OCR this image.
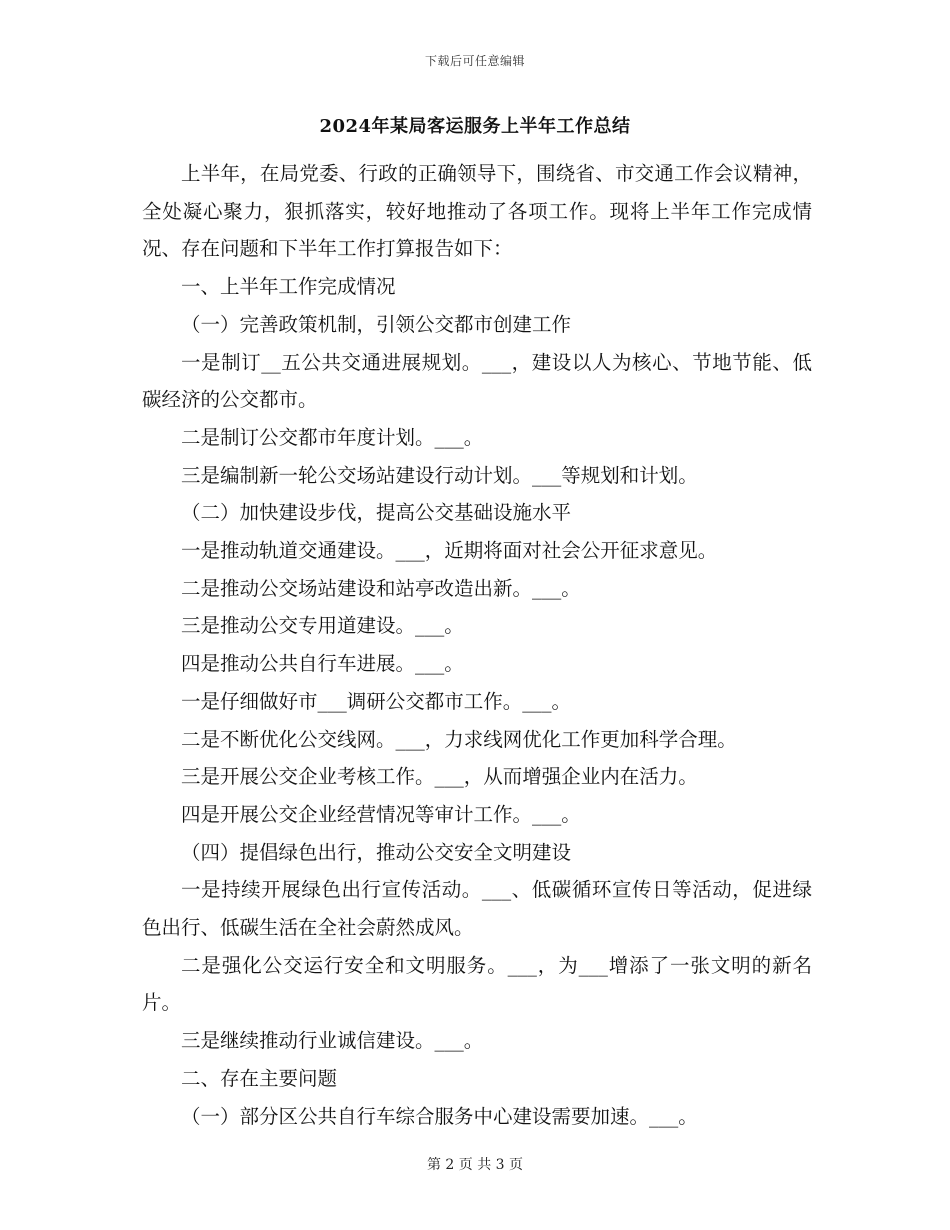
下载后可任意编辑
2024年某局客运服务上半年工作总结

上半年，在局党委、行政的正确领导下，围绕省、市交通工作会议精神，全处凝心聚力，狠抓落实，较好地推动了各项工作。现将上半年工作完成情况、存在问题和下半年工作打算报告如下：

一、上半年工作完成情况

（一）完善政策机制，引领公交都市创建工作

一是制订__五公共交通进展规划。___，建设以人为核心、节地节能、低碳经济的公交都市。

二是制订公交都市年度计划。___。

三是编制新一轮公交场站建设行动计划。___等规划和计划。

（二）加快建设步伐，提高公交基础设施水平

一是推动轨道交通建设。___，近期将面对社会公开征求意见。

二是推动公交场站建设和站亭改造出新。___。

三是推动公交专用道建设。___。

四是推动公共自行车进展。___。

一是仔细做好市___调研公交都市工作。___。

二是不断优化公交线网。___，力求线网优化工作更加科学合理。

三是开展公交企业考核工作。___，从而增强企业内在活力。

四是开展公交企业经营情况等审计工作。___。

（四）提倡绿色出行，推动公交安全文明建设

一是持续开展绿色出行宣传活动。___、低碳循环宣传日等活动，促进绿色出行、低碳生活在全社会蔚然成风。

二是强化公交运行安全和文明服务。___，为___增添了一张文明的新名片。

三是继续推动行业诚信建设。___。

二、存在主要问题

（一）部分区公共自行车综合服务中心建设需要加速。___。

第 2 页 共 3 页
